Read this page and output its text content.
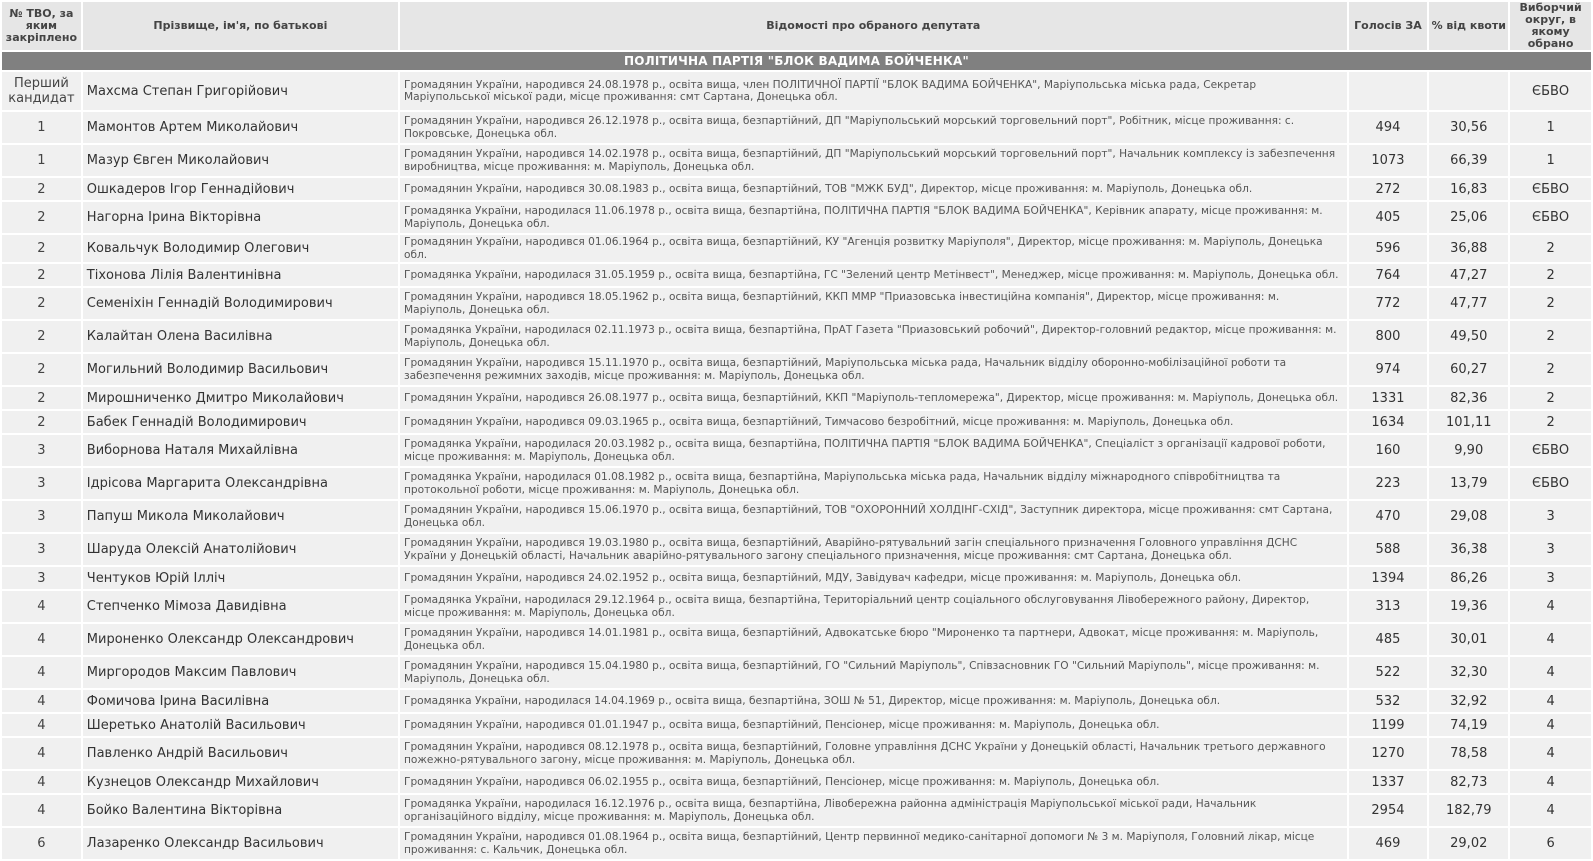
№ ТВО, за яким закріплено	Прізвище, ім'я, по батькові	Відомості про обраного депутата	Голосів ЗА	% від квоти	Виборчий округ, в якому обрано
ПОЛІТИЧНА ПАРТІЯ "БЛОК ВАДИМА БОЙЧЕНКА"					
Перший кандидат	Махсма Степан Григорійович	Громадянин України, народився 24.08.1978 р., освіта вища, член ПОЛІТИЧНОЇ ПАРТІЇ "БЛОК ВАДИМА БОЙЧЕНКА", Маріупольська міська рада, Секретар Маріупольської міської ради, місце проживання: смт Сартана, Донецька обл.			ЄБВО
1	Мамонтов Артем Миколайович	Громадянин України, народився 26.12.1978 р., освіта вища, безпартійний, ДП "Маріупольський морський торговельний порт", Робітник, місце проживання: с. Покровське, Донецька обл.	494	30,56	1
1	Мазур Євген Миколайович	Громадянин України, народився 14.02.1978 р., освіта вища, безпартійний, ДП "Маріупольський морський торговельний порт", Начальник комплексу із забезпечення виробництва, місце проживання: м. Маріуполь, Донецька обл.	1073	66,39	1
2	Ошкадеров Ігор Геннадійович	Громадянин України, народився 30.08.1983 р., освіта вища, безпартійний, ТОВ "МЖК БУД", Директор, місце проживання: м. Маріуполь, Донецька обл.	272	16,83	ЄБВО
2	Нагорна Ірина Вікторівна	Громадянка України, народилася 11.06.1978 р., освіта вища, безпартійна, ПОЛІТИЧНА ПАРТІЯ "БЛОК ВАДИМА БОЙЧЕНКА", Керівник апарату, місце проживання: м. Маріуполь, Донецька обл.	405	25,06	ЄБВО
2	Ковальчук Володимир Олегович	Громадянин України, народився 01.06.1964 р., освіта вища, безпартійний, КУ "Агенція розвитку Маріуполя", Директор, місце проживання: м. Маріуполь, Донецька обл.	596	36,88	2
2	Тіхонова Лілія Валентинівна	Громадянка України, народилася 31.05.1959 р., освіта вища, безпартійна, ГС "Зелений центр Метінвест", Менеджер, місце проживання: м. Маріуполь, Донецька обл.	764	47,27	2
2	Семеніхін Геннадій Володимирович	Громадянин України, народився 18.05.1962 р., освіта вища, безпартійний, ККП ММР "Приазовська інвестиційна компанія", Директор, місце проживання: м. Маріуполь, Донецька обл.	772	47,77	2
2	Калайтан Олена Василівна	Громадянка України, народилася 02.11.1973 р., освіта вища, безпартійна, ПрАТ Газета "Приазовський робочий", Директор-головний редактор, місце проживання: м. Маріуполь, Донецька обл.	800	49,50	2
2	Могильний Володимир Васильович	Громадянин України, народився 15.11.1970 р., освіта вища, безпартійний, Маріупольська міська рада, Начальник відділу оборонно-мобілізаційної роботи та забезпечення режимних заходів, місце проживання: м. Маріуполь, Донецька обл.	974	60,27	2
2	Мирошниченко Дмитро Миколайович	Громадянин України, народився 26.08.1977 р., освіта вища, безпартійний, ККП "Маріуполь-тепломережа", Директор, місце проживання: м. Маріуполь, Донецька обл.	1331	82,36	2
2	Бабек Геннадій Володимирович	Громадянин України, народився 09.03.1965 р., освіта вища, безпартійний, Тимчасово безробітний, місце проживання: м. Маріуполь, Донецька обл.	1634	101,11	2
3	Виборнова Наталя Михайлівна	Громадянка України, народилася 20.03.1982 р., освіта вища, безпартійна, ПОЛІТИЧНА ПАРТІЯ "БЛОК ВАДИМА БОЙЧЕНКА", Спеціаліст з організації кадрової роботи, місце проживання: м. Маріуполь, Донецька обл.	160	9,90	ЄБВО
3	Ідрісова Маргарита Олександрівна	Громадянка України, народилася 01.08.1982 р., освіта вища, безпартійна, Маріупольська міська рада, Начальник відділу міжнародного співробітництва та протокольної роботи, місце проживання: м. Маріуполь, Донецька обл.	223	13,79	ЄБВО
3	Папуш Микола Миколайович	Громадянин України, народився 15.06.1970 р., освіта вища, безпартійний, ТОВ "ОХОРОННИЙ ХОЛДІНГ-СХІД", Заступник директора, місце проживання: смт Сартана, Донецька обл.	470	29,08	3
3	Шаруда Олексій Анатолійович	Громадянин України, народився 19.03.1980 р., освіта вища, безпартійний, Аварійно-рятувальний загін спеціального призначення Головного управління ДСНС України у Донецькій області, Начальник аварійно-рятувального загону спеціального призначення, місце проживання: смт Сартана, Донецька обл.	588	36,38	3
3	Чентуков Юрій Ілліч	Громадянин України, народився 24.02.1952 р., освіта вища, безпартійний, МДУ, Завідувач кафедри, місце проживання: м. Маріуполь, Донецька обл.	1394	86,26	3
4	Степченко Мімоза Давидівна	Громадянка України, народилася 29.12.1964 р., освіта вища, безпартійна, Територіальний центр соціального обслуговування Лівобережного району, Директор, місце проживання: м. Маріуполь, Донецька обл.	313	19,36	4
4	Мироненко Олександр Олександрович	Громадянин України, народився 14.01.1981 р., освіта вища, безпартійний, Адвокатське бюро "Мироненко та партнери, Адвокат, місце проживання: м. Маріуполь, Донецька обл.	485	30,01	4
4	Миргородов Максим Павлович	Громадянин України, народився 15.04.1980 р., освіта вища, безпартійний, ГО "Сильний Маріуполь", Співзасновник ГО "Сильний Маріуполь", місце проживання: м. Маріуполь, Донецька обл.	522	32,30	4
4	Фомичова Ірина Василівна	Громадянка України, народилася 14.04.1969 р., освіта вища, безпартійна, ЗОШ № 51, Директор, місце проживання: м. Маріуполь, Донецька обл.	532	32,92	4
4	Шеретько Анатолій Васильович	Громадянин України, народився 01.01.1947 р., освіта вища, безпартійний, Пенсіонер, місце проживання: м. Маріуполь, Донецька обл.	1199	74,19	4
4	Павленко Андрій Васильович	Громадянин України, народився 08.12.1978 р., освіта вища, безпартійний, Головне управління ДСНС України у Донецькій області, Начальник третього державного пожежно-рятувального загону, місце проживання: м. Маріуполь, Донецька обл.	1270	78,58	4
4	Кузнецов Олександр Михайлович	Громадянин України, народився 06.02.1955 р., освіта вища, безпартійний, Пенсіонер, місце проживання: м. Маріуполь, Донецька обл.	1337	82,73	4
4	Бойко Валентина Вікторівна	Громадянка України, народилася 16.12.1976 р., освіта вища, безпартійна, Лівобережна районна адміністрація Маріупольської міської ради, Начальник організаційного відділу, місце проживання: м. Маріуполь, Донецька обл.	2954	182,79	4
6	Лазаренко Олександр Васильович	Громадянин України, народився 01.08.1964 р., освіта вища, безпартійний, Центр первинної медико-санітарної допомоги № 3 м. Маріуполя, Головний лікар, місце проживання: с. Кальчик, Донецька обл.	469	29,02	6
